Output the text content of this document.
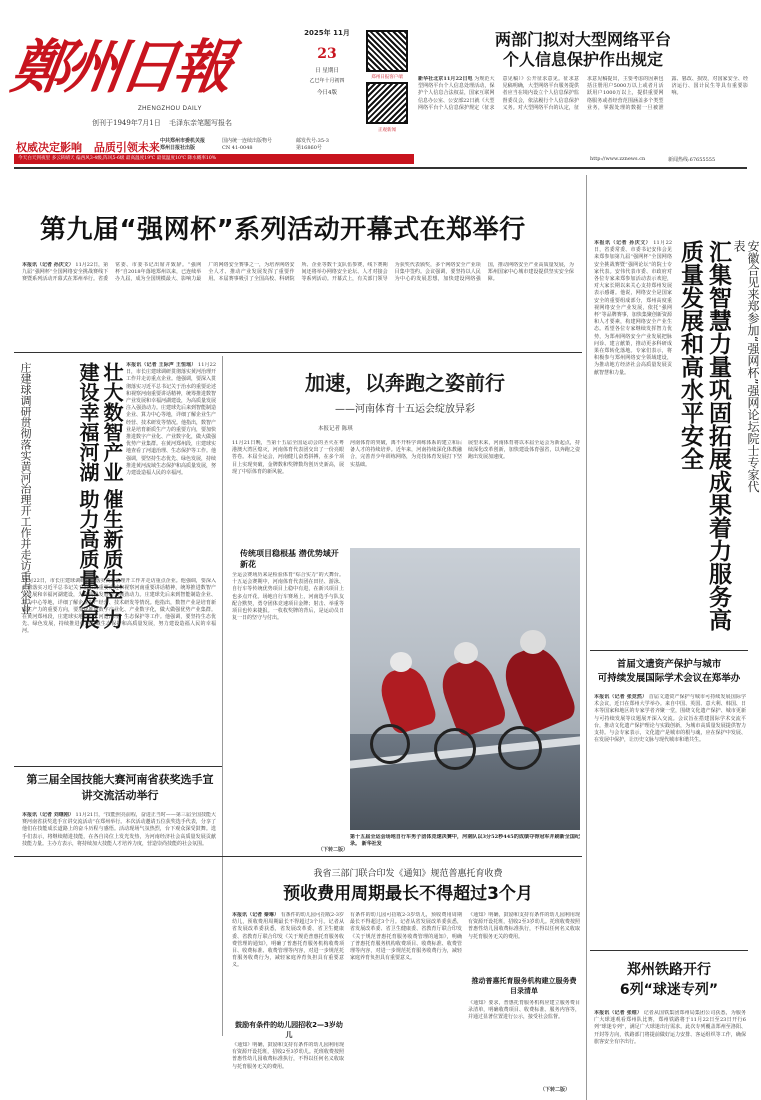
鄭州日報
ZHENGZHOU DAILY
创刊于1949年7月1日 毛泽东亲笔题写报名
权威决定影响 品质引领未来
2025年 11月
23
日 星期日
乙巳年十月初四
今日4版
郑州日报客户端
正观新闻
中共郑州市委机关报
郑州日报社出版
国内统一连续出版物号
CN 41-0048
邮发代号:35-3
第16860号
今天白天到夜里 多云转晴天 偏西风3-4级,阵风5-6级 最高温度19℃ 最低温度10℃ 降水概率10%	http://www.zznews.cn	新闻热线:67655555
两部门拟对大型网络平台
个人信息保护作出规定
新华社北京11月22日电 为规范大型网络平台个人信息处理活动，保护个人信息合法权益，国家互联网信息办公室、公安部22日就《大型网络平台个人信息保护规定（征求意见稿）》公开征求意见。征求意见稿明确，大型网络平台服务提供者应当在境内设立个人信息保护监督委员会，依法履行个人信息保护义务。对大型网络平台的认定，征求意见稿提出，主要考虑的因素包括注册用户5000万以上或者月活跃用户1000万以上，提供重要网络服务或者经营范围涵盖多个类型业务，掌握处理的数据一旦被泄露、篡改、损毁，对国家安全、经济运行、国计民生等具有重要影响。
第九届“强网杯”系列活动开幕式在郑举行
本报讯（记者 孙庆文） 11月22日，第九届“强网杯”全国网络安全挑战赛线下赛暨系列活动开幕式在郑州举行。省委常委、市委书记出席并致辞。“强网杯”自2018年落地郑州以来，已连续举办九届，成为全国规模最大、影响力最广的网络安全赛事之一，为培养网络安全人才、推动产业发展发挥了重要作用。本届赛事吸引了全国高校、科研院所、企业等数千支队伍参赛，线下赛期间还将举办网络安全论坛、人才对接会等系列活动。开幕式上，有关部门领导为获奖代表颁奖，多个网络安全产业项目集中签约。会议强调，要坚持以人民为中心的发展思想，加快建设网络强国，推动网络安全产业高质量发展，为郑州国家中心城市建设提供坚实安全保障。	安徽合见来郑参加“强网杯”强网论坛院士专家代表
汇集智慧力量巩固拓展成果着力服务高质量发展和高水平安全
本报讯（记者 孙庆文） 11月22日，省委常委、市委书记安伟会见来郑参加第九届“强网杯”全国网络安全挑战赛暨“强网论坛”的院士专家代表。安伟代表市委、市政府对各位专家来郑参加活动表示欢迎，对大家长期以来关心支持郑州发展表示感谢。他说，网络安全是国家安全的重要组成部分，郑州高度重视网络安全产业发展，依托“强网杯”等品牌赛事，加快集聚创新资源和人才要素，构建网络安全产业生态。希望各位专家继续发挥智力优势，为郑州网络安全产业发展把脉问诊、建言献策，推动更多科研成果在郑转化落地。专家们表示，将积极参与郑州网络安全领域建设，为推动地方经济社会高质量发展贡献智慧和力量。
壮大数智产业 催生新质生产力 建设幸福河湖 助力高质量发展
庄建球调研贯彻落实黄河治理开工作并走访重点企业	本报讯（记者 王际声 王恒瑶） 11月22日，市长庄建球调研贯彻落实黄河治理开工作并走访重点企业。他强调，要深入贯彻落实习近平总书记关于治水的重要论述和视察河南重要讲话精神，统筹推进数智产业发展和幸福河湖建设，为高质量发展注入强劲动力。庄建球先后来到智能制造企业、算力中心等地，详细了解企业生产经营、技术研发等情况。他指出，数智产业是培育新质生产力的重要方向，要加快推进数字产业化、产业数字化，做大做强优势产业集群。在黄河郑州段，庄建球实地查看了河道治理、生态保护等工作。他强调，要坚持生态优先、绿色发展，持续推进黄河流域生态保护和高质量发展，努力建设造福人民的幸福河。
11月22日，市长庄建球调研贯彻落实黄河治理开工作并走访重点企业。他强调，要深入贯彻落实习近平总书记关于治水的重要论述和视察河南重要讲话精神，统筹推进数智产业发展和幸福河湖建设，为高质量发展注入强劲动力。庄建球先后来到智能制造企业、算力中心等地，详细了解企业生产经营、技术研发等情况。他指出，数智产业是培育新质生产力的重要方向，要加快推进数字产业化、产业数字化，做大做强优势产业集群。在黄河郑州段，庄建球实地查看了河道治理、生态保护等工作。他强调，要坚持生态优先、绿色发展，持续推进黄河流域生态保护和高质量发展，努力建设造福人民的幸福河。
第三届全国技能大赛河南省获奖选手宣讲交流活动举行
本报讯（记者 刘继刚） 11月21日，“技能照亮前程，奋进正当时——第三届全国技能大赛河南省获奖选手宣讲交流活动”在郑州举行。本次活动邀请五位获奖选手代表，分享了他们在技能成长道路上的奋斗历程与感悟。活动现场气氛热烈，台下观众深受鼓舞。选手们表示，将继续精进技能，在各自岗位上发光发热，为河南经济社会高质量发展贡献技能力量。主办方表示，将持续加大技能人才培养力度，营造崇尚技能的社会氛围。
加速，以奔跑之姿前行
——河南体育十五运会绽放异彩
本报记者 陈琪
11月21日晚，当第十五届全国运动会的圣火在粤港澳大湾区熄灭，河南体育代表团交出了一份亮眼答卷。本届全运会，河南健儿奋勇拼搏，在多个项目上实现突破，金牌数和奖牌数均创历史新高，展现了中原体育的新风貌。
河南体育的突破，离不开科学训练体系的建立和后备人才的持续培养。近年来，河南持续深化体教融合，完善青少年训练网络，为竞技体育发展打下坚实基础。
展望未来，河南体育将以本届全运会为新起点，持续深化改革创新，加快建设体育强省，以奔跑之姿跑出发展加速度。
传统项目稳根基 潜优势域开新花
全运会赛场历来是检验体育“综合实力”的大舞台。十五运会赛期中，河南体育代表团在田径、游泳、自行车等传统优势项目上稳中有进，在新兴项目上也多点开花。场地自行车赛场上，河南选手与队友配合默契，勇夺团体竞速项目金牌；射击、举重等项目也传来捷报。一枚枚奖牌的背后，是运动员日复一日的坚守与付出。
第十五届全运会场地自行车男子团体竞速决赛中，河南队以3分52秒445的成绩夺得冠军并刷新全国纪录。 新华社发
（下转二版）
首届文遗资产保护与城市
可持续发展国际学术会议在郑举办
本报讯（记者 张竞然） 首届文遗资产保护与城市可持续发展国际学术会议，近日在郑州大学举办。来自中国、英国、意大利、韩国、日本等国家和地区的专家学者齐聚一堂，围绕文化遗产保护、城市更新与可持续发展等议题展开深入交流。会议旨在搭建国际学术交流平台，推动文化遗产保护理论与实践创新，为城市高质量发展提供智力支持。与会专家表示，文化遗产是城市的根与魂，应在保护中发展、在发展中保护，让历史文脉与现代城市和谐共生。
我省三部门联合印发《通知》规范普惠托育收费
预收费用周期最长不得超过3个月
本报讯（记者 秦琳） 有条件的幼儿园可招收2-3岁幼儿，预收费用周期最长不得超过3个月。记者从省发展改革委获悉，省发展改革委、省卫生健康委、省教育厅联合印发《关于规范普惠托育服务收费管理的通知》，明确了普惠托育服务机构收费项目、收费标准、收费管理等内容，对进一步规范托育服务收费行为，减轻家庭养育负担具有重要意义。
鼓励有条件的幼儿园招收2—3岁幼儿
《通知》明确，鼓励和支持有条件的幼儿园利用现有资源开设托班，招收2至3岁幼儿。托班收费按照普惠性幼儿园收费标准执行，不得以任何名义收取与托育服务无关的费用。
有条件的幼儿园可招收2-3岁幼儿，预收费用周期最长不得超过3个月。记者从省发展改革委获悉，省发展改革委、省卫生健康委、省教育厅联合印发《关于规范普惠托育服务收费管理的通知》，明确了普惠托育服务机构收费项目、收费标准、收费管理等内容，对进一步规范托育服务收费行为，减轻家庭养育负担具有重要意义。
《通知》明确，鼓励和支持有条件的幼儿园利用现有资源开设托班，招收2至3岁幼儿。托班收费按照普惠性幼儿园收费标准执行，不得以任何名义收取与托育服务无关的费用。
推动普惠托育服务机构建立服务费目录清单
《通知》要求，普惠托育服务机构应建立服务费目录清单，明确收费项目、收费标准、服务内容等，并通过显著位置进行公示，接受社会监督。
（下转二版）
郑州铁路开行
6列“球迷专列”
本报讯（记者 张维） 记者从国铁集团郑州局集团公司获悉，为服务广大球迷观看郑州队比赛，郑州铁路将于11月22日至23日开行6列“球迷专列”，满足广大球迷出行需求。此次专列覆盖郑州至洛阳、开封等方向，铁路部门将提前做好运力安排、客运组织等工作，确保旅客安全有序出行。
